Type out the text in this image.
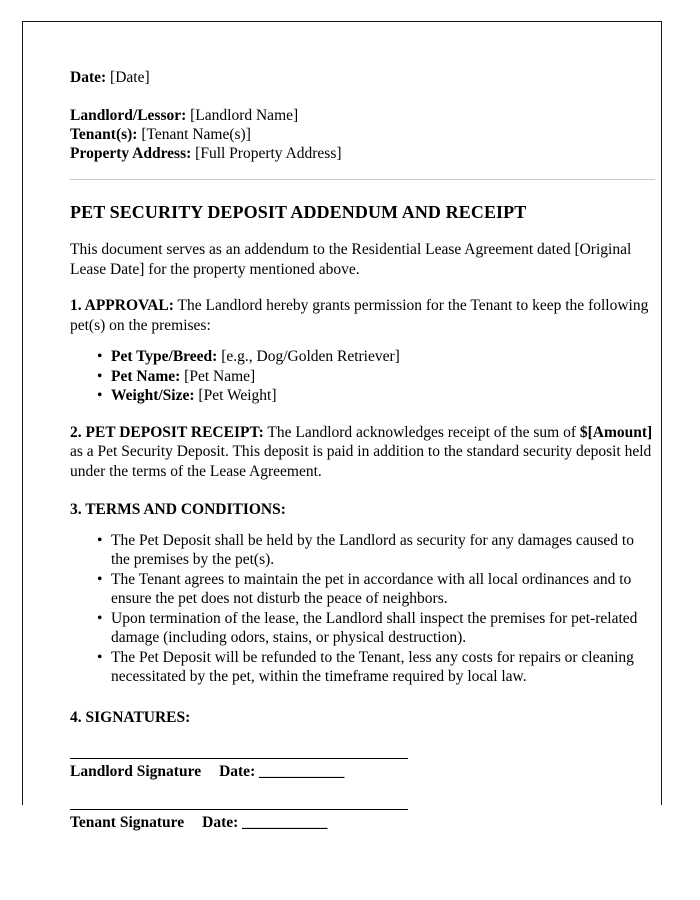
Date: [Date]

Landlord/Lessor: [Landlord Name]

Tenant(s): [Tenant Name(s)]

Property Address: [Full Property Address]

PET SECURITY DEPOSIT ADDENDUM AND RECEIPT

This document serves as an addendum to the Residential Lease Agreement dated [Original Lease Date] for the property mentioned above.

1. APPROVAL: The Landlord hereby grants permission for the Tenant to keep the following pet(s) on the premises:

• Pet Type/Breed: [e.g., Dog/Golden Retriever]
• Pet Name: [Pet Name]
• Weight/Size: [Pet Weight]

2. PET DEPOSIT RECEIPT: The Landlord acknowledges receipt of the sum of $[Amount] as a Pet Security Deposit. This deposit is paid in addition to the standard security deposit held under the terms of the Lease Agreement.

3. TERMS AND CONDITIONS:

• The Pet Deposit shall be held by the Landlord as security for any damages caused to the premises by the pet(s).
• The Tenant agrees to maintain the pet in accordance with all local ordinances and to ensure the pet does not disturb the peace of neighbors.
• Upon termination of the lease, the Landlord shall inspect the premises for pet-related damage (including odors, stains, or physical destruction).
• The Pet Deposit will be refunded to the Tenant, less any costs for repairs or cleaning necessitated by the pet, within the timeframe required by local law.

4. SIGNATURES:

Landlord Signature Date: ___________
Tenant Signature Date: ___________
